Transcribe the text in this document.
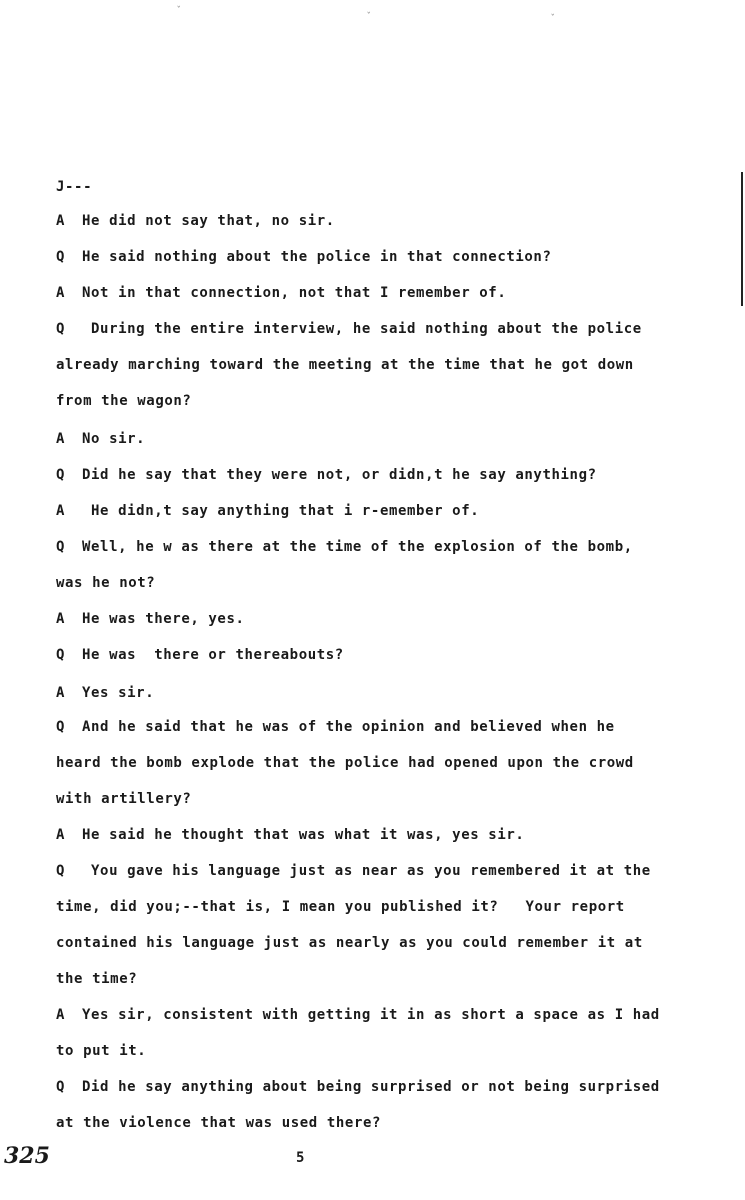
ˇ
ˇ	ˇ
J---
A He did not say that, no sir.
Q He said nothing about the police in that connection?
A Not in that connection, not that I remember of.
Q During the entire interview, he said nothing about the police
already marching toward the meeting at the time that he got down
from the wagon?
A No sir.
Q Did he say that they were not, or didn,t he say anything?
A He didn,t say anything that i r-emember of.
Q Well, he w as there at the time of the explosion of the bomb,
was he not?
A He was there, yes.
Q He was  there or thereabouts?
A Yes sir.
Q And he said that he was of the opinion and believed when he
heard the bomb explode that the police had opened upon the crowd
with artillery?
A He said he thought that was what it was, yes sir.
Q You gave his language just as near as you remembered it at the
time, did you;--that is, I mean you published it?   Your report
contained his language just as nearly as you could remember it at
the time?
A Yes sir, consistent with getting it in as short a space as I had
to put it.
Q Did he say anything about being surprised or not being surprised
at the violence that was used there?
325	5
